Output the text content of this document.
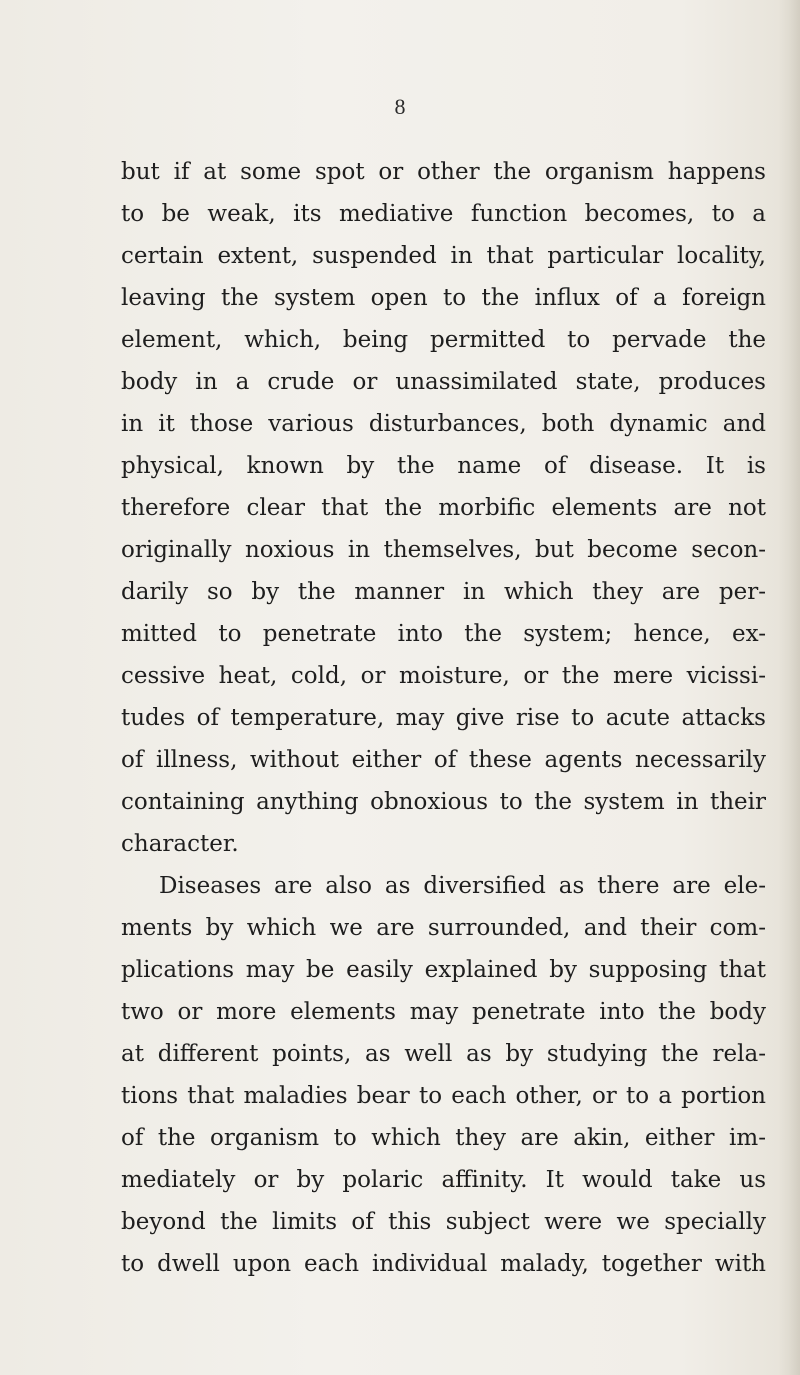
8

but if at some spot or other the organism happens

to be weak, its mediative function becomes, to a

certain extent, suspended in that particular locality,

leaving the system open to the influx of a foreign

element, which, being permitted to pervade the

body in a crude or unassimilated state, produces

in it those various disturbances, both dynamic and

physical, known by the name of disease. It is

therefore clear that the morbific elements are not

originally noxious in themselves, but become secon-

darily so by the manner in which they are per-

mitted to penetrate into the system; hence, ex-

cessive heat, cold, or moisture, or the mere vicissi-

tudes of temperature, may give rise to acute attacks

of illness, without either of these agents necessarily

containing anything obnoxious to the system in their

character.

Diseases are also as diversified as there are ele-

ments by which we are surrounded, and their com-

plications may be easily explained by supposing that

two or more elements may penetrate into the body

at different points, as well as by studying the rela-

tions that maladies bear to each other, or to a portion

of the organism to which they are akin, either im-

mediately or by polaric affinity. It would take us

beyond the limits of this subject were we specially

to dwell upon each individual malady, together with
